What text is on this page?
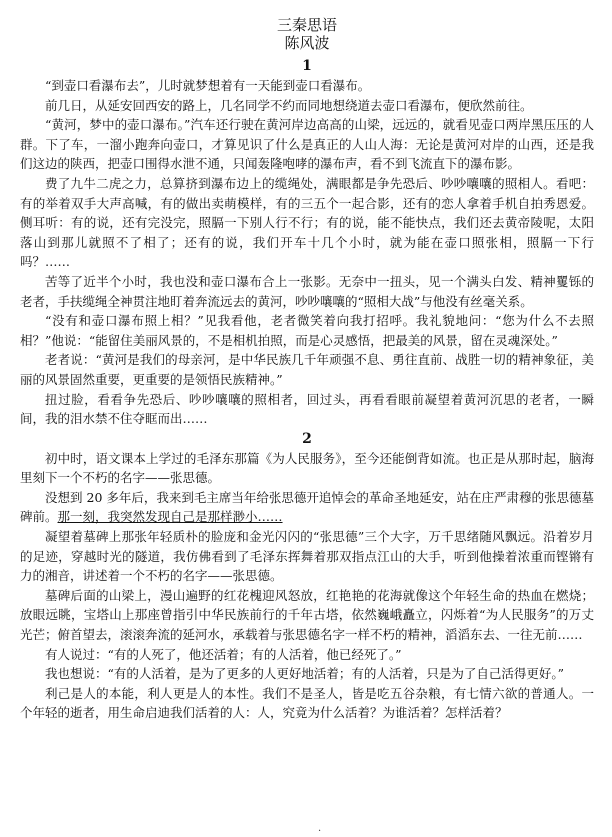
三秦思语
陈风波
1

“到壶口看瀑布去”，儿时就梦想着有一天能到壶口看瀑布。

前几日，从延安回西安的路上，几名同学不约而同地想绕道去壶口看瀑布，便欣然前往。

“黄河，梦中的壶口瀑布。”汽车还行驶在黄河岸边高高的山梁，远远的，就看见壶口两岸黑压压的人群。下了车，一溜小跑奔向壶口，才算见识了什么是真正的人山人海：无论是黄河对岸的山西，还是我们这边的陕西，把壶口围得水泄不通，只闻轰隆咆哮的瀑布声，看不到飞流直下的瀑布影。

费了九牛二虎之力，总算挤到瀑布边上的缆绳处，满眼都是争先恐后、吵吵嚷嚷的照相人。看吧：有的举着双手大声高喊，有的做出卖萌模样，有的三五个一起合影，还有的恋人拿着手机自拍秀恩爱。侧耳听：有的说，还有完没完，照膈一下别人行不行；有的说，能不能快点，我们还去黄帝陵呢，太阳落山到那儿就照不了相了；还有的说，我们开车十几个小时，就为能在壶口照张相，照膈一下行吗？……

苦等了近半个小时，我也没和壶口瀑布合上一张影。无奈中一扭头，见一个满头白发、精神矍铄的老者，手扶缆绳全神贯注地盯着奔流远去的黄河，吵吵嚷嚷的“照相大战”与他没有丝毫关系。

“没有和壶口瀑布照上相？”见我看他，老者微笑着向我打招呼。我礼貌地问：“您为什么不去照相？”他说：“能留住美丽风景的，不是相机拍照，而是心灵感悟，把最美的风景，留在灵魂深处。”

老者说：“黄河是我们的母亲河，是中华民族几千年顽强不息、勇往直前、战胜一切的精神象征，美丽的风景固然重要，更重要的是领悟民族精神。”

扭过脸，看看争先恐后、吵吵嚷嚷的照相者，回过头，再看看眼前凝望着黄河沉思的老者，一瞬间，我的泪水禁不住夺眶而出……

2

初中时，语文课本上学过的毛泽东那篇《为人民服务》，至今还能倒背如流。也正是从那时起，脑海里刻下一个不朽的名字——张思德。

没想到 20 多年后，我来到毛主席当年给张思德开追悼会的革命圣地延安，站在庄严肃穆的张思德墓碑前。那一刻，我突然发现自己是那样渺小……

凝望着墓碑上那张年轻质朴的脸庞和金光闪闪的“张思德”三个大字，万千思绪随风飘远。沿着岁月的足迹，穿越时光的隧道，我仿佛看到了毛泽东挥舞着那双指点江山的大手，听到他操着浓重而铿锵有力的湘音，讲述着一个不朽的名字——张思德。

墓碑后面的山梁上，漫山遍野的红花槐迎风怒放，红艳艳的花海就像这个年轻生命的热血在燃烧；放眼远眺，宝塔山上那座曾指引中华民族前行的千年古塔，依然巍峨矗立，闪烁着“为人民服务”的万丈光芒；俯首望去，滚滚奔流的延河水，承载着与张思德名字一样不朽的精神，滔滔东去、一往无前……

有人说过：“有的人死了，他还活着；有的人活着，他已经死了。”

我也想说：“有的人活着，是为了更多的人更好地活着；有的人活着，只是为了自己活得更好。”

利己是人的本能，利人更是人的本性。我们不是圣人，皆是吃五谷杂粮，有七情六欲的普通人。一个年轻的逝者，用生命启迪我们活着的人：人，究竟为什么活着？为谁活着？怎样活着？

·
